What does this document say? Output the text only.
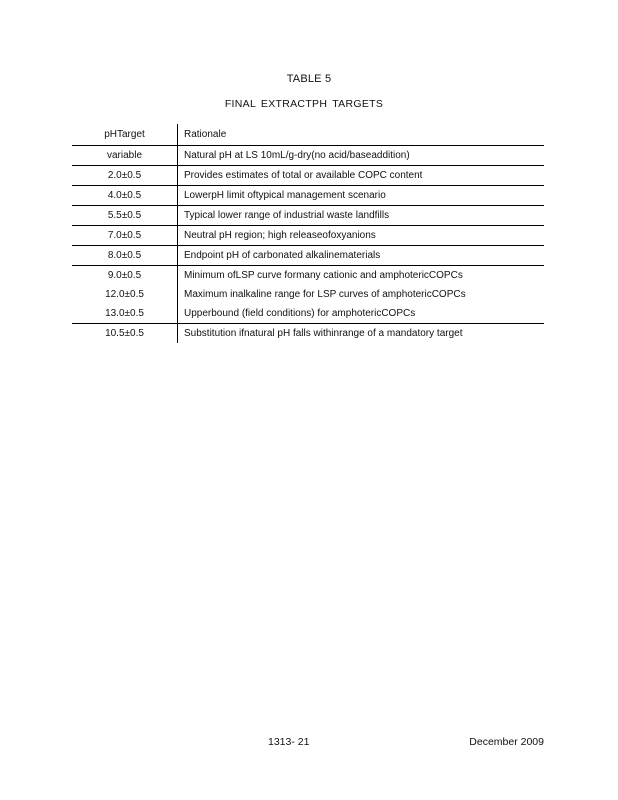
TABLE 5
FINAL EXTRACTPH TARGETS
pHTarget	Rationale
variable	Natural pH at LS 10mL/g-dry(no acid/baseaddition)
2.0±0.5	Provides estimates of total or available COPC content
4.0±0.5	LowerpH limit oftypical management scenario
5.5±0.5	Typical lower range of industrial waste landfills
7.0±0.5	Neutral pH region; high releaseofoxyanions
8.0±0.5	Endpoint pH of carbonated alkalinematerials
9.0±0.5	Minimum ofLSP curve formany cationic and amphotericCOPCs
12.0±0.5	Maximum inalkaline range for LSP curves of amphotericCOPCs
13.0±0.5	Upperbound (field conditions) for amphotericCOPCs
10.5±0.5	Substitution ifnatural pH falls withinrange of a mandatory target
1313- 21	December 2009
